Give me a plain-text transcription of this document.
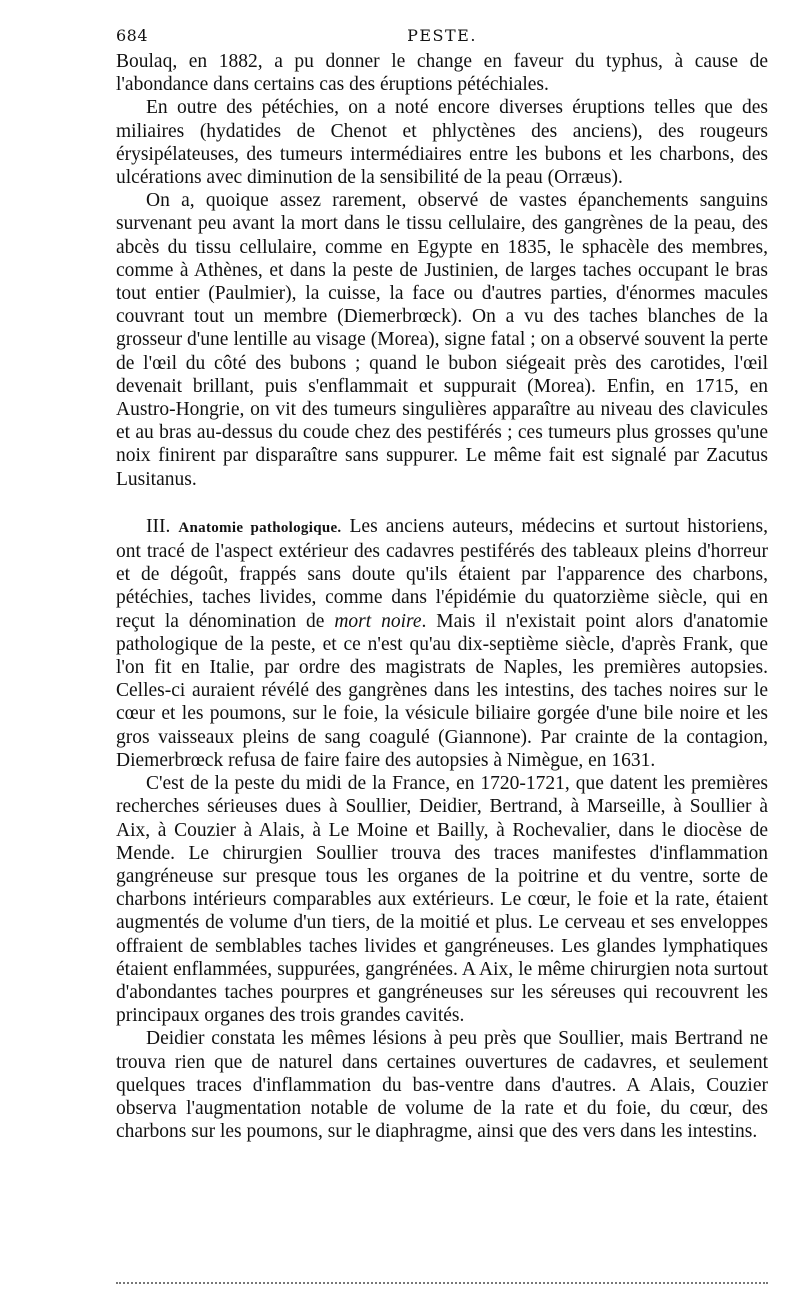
684	PESTE.

Boulaq, en 1882, a pu donner le change en faveur du typhus, à cause de l'abondance dans certains cas des éruptions pétéchiales.

En outre des pétéchies, on a noté encore diverses éruptions telles que des miliaires (hydatides de Chenot et phlyctènes des anciens), des rougeurs érysipélateuses, des tumeurs intermédiaires entre les bubons et les charbons, des ulcérations avec diminution de la sensibilité de la peau (Orræus).

On a, quoique assez rarement, observé de vastes épanchements sanguins survenant peu avant la mort dans le tissu cellulaire, des gangrènes de la peau, des abcès du tissu cellulaire, comme en Egypte en 1835, le sphacèle des membres, comme à Athènes, et dans la peste de Justinien, de larges taches occupant le bras tout entier (Paulmier), la cuisse, la face ou d'autres parties, d'énormes macules couvrant tout un membre (Diemerbrœck). On a vu des taches blanches de la grosseur d'une lentille au visage (Morea), signe fatal ; on a observé souvent la perte de l'œil du côté des bubons ; quand le bubon siégeait près des carotides, l'œil devenait brillant, puis s'enflammait et suppurait (Morea). Enfin, en 1715, en Austro-Hongrie, on vit des tumeurs singulières apparaître au niveau des clavicules et au bras au-dessus du coude chez des pestiférés ; ces tumeurs plus grosses qu'une noix finirent par disparaître sans suppurer. Le même fait est signalé par Zacutus Lusitanus.

III. Anatomie pathologique. Les anciens auteurs, médecins et surtout historiens, ont tracé de l'aspect extérieur des cadavres pestiférés des tableaux pleins d'horreur et de dégoût, frappés sans doute qu'ils étaient par l'apparence des charbons, pétéchies, taches livides, comme dans l'épidémie du quatorzième siècle, qui en reçut la dénomination de mort noire. Mais il n'existait point alors d'anatomie pathologique de la peste, et ce n'est qu'au dix-septième siècle, d'après Frank, que l'on fit en Italie, par ordre des magistrats de Naples, les premières autopsies. Celles-ci auraient révélé des gangrènes dans les intestins, des taches noires sur le cœur et les poumons, sur le foie, la vésicule biliaire gorgée d'une bile noire et les gros vaisseaux pleins de sang coagulé (Giannone). Par crainte de la contagion, Diemerbrœck refusa de faire faire des autopsies à Nimègue, en 1631.

C'est de la peste du midi de la France, en 1720-1721, que datent les premières recherches sérieuses dues à Soullier, Deidier, Bertrand, à Marseille, à Soullier à Aix, à Couzier à Alais, à Le Moine et Bailly, à Rochevalier, dans le diocèse de Mende. Le chirurgien Soullier trouva des traces manifestes d'inflammation gangréneuse sur presque tous les organes de la poitrine et du ventre, sorte de charbons intérieurs comparables aux extérieurs. Le cœur, le foie et la rate, étaient augmentés de volume d'un tiers, de la moitié et plus. Le cerveau et ses enveloppes offraient de semblables taches livides et gangréneuses. Les glandes lymphatiques étaient enflammées, suppurées, gangrénées. A Aix, le même chirurgien nota surtout d'abondantes taches pourpres et gangréneuses sur les séreuses qui recouvrent les principaux organes des trois grandes cavités.

Deidier constata les mêmes lésions à peu près que Soullier, mais Bertrand ne trouva rien que de naturel dans certaines ouvertures de cadavres, et seulement quelques traces d'inflammation du bas-ventre dans d'autres. A Alais, Couzier observa l'augmentation notable de volume de la rate et du foie, du cœur, des charbons sur les poumons, sur le diaphragme, ainsi que des vers dans les intestins.
